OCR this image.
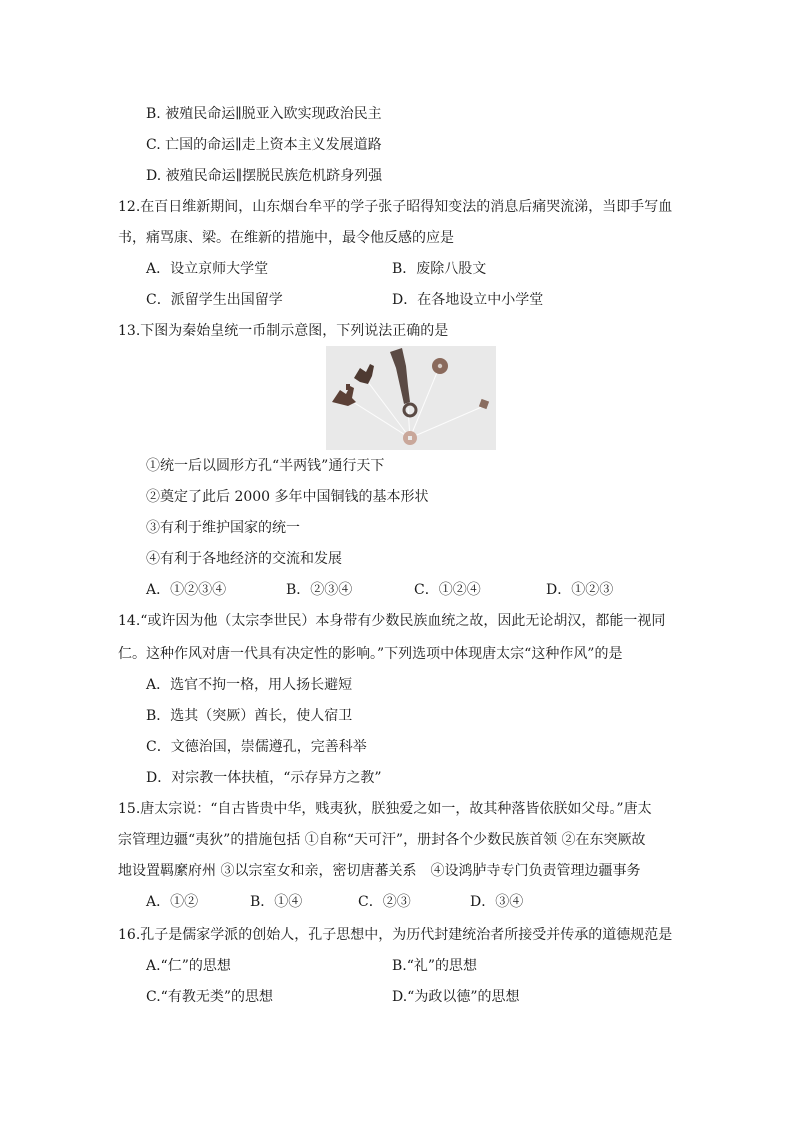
B. 被殖民命运∥脱亚入欧实现政治民主
C. 亡国的命运∥走上资本主义发展道路
D. 被殖民命运∥摆脱民族危机跻身列强
12.在百日维新期间，山东烟台牟平的学子张子昭得知变法的消息后痛哭流涕，当即手写血
书，痛骂康、梁。在维新的措施中，最令他反感的应是
A．设立京师大学堂	B．废除八股文
C．派留学生出国留学	D．在各地设立中小学堂
13.下图为秦始皇统一币制示意图，下列说法正确的是
①统一后以圆形方孔“半两钱”通行天下
②奠定了此后 2000 多年中国铜钱的基本形状
③有利于维护国家的统一
④有利于各地经济的交流和发展
A．①②③④	B．②③④	C．①②④	D．①②③
14.“或许因为他（太宗李世民）本身带有少数民族血统之故，因此无论胡汉，都能一视同
仁。这种作风对唐一代具有决定性的影响。”下列选项中体现唐太宗“这种作风”的是
A．选官不拘一格，用人扬长避短
B．选其（突厥）酋长，使人宿卫
C．文德治国，崇儒遵孔，完善科举
D．对宗教一体扶植，“示存异方之教”
15.唐太宗说：“自古皆贵中华，贱夷狄，朕独爱之如一，故其种落皆依朕如父母。”唐太
宗管理边疆“夷狄”的措施包括 ①自称“天可汗”，册封各个少数民族首领 ②在东突厥故
地设置羁縻府州 ③以宗室女和亲，密切唐蕃关系　④设鸿胪寺专门负责管理边疆事务
A．①②	B．①④	C．②③	D．③④
16.孔子是儒家学派的创始人，孔子思想中，为历代封建统治者所接受并传承的道德规范是
A.“仁”的思想	B.“礼”的思想
C.“有教无类”的思想	D.“为政以德”的思想
